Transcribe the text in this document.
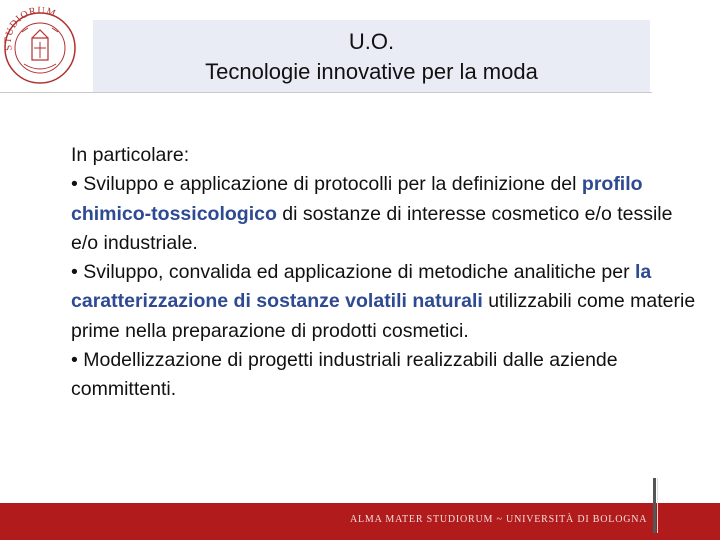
STUDIORUM
U.O.
Tecnologie innovative per la moda

In particolare:

• Sviluppo e applicazione di protocolli per la definizione del profilo chimico-tossicologico di sostanze di interesse cosmetico e/o tessile e/o industriale.

• Sviluppo, convalida ed applicazione di metodiche analitiche per la caratterizzazione di sostanze volatili naturali utilizzabili come materie prime nella preparazione di prodotti cosmetici.

• Modellizzazione di progetti industriali realizzabili dalle aziende committenti.

ALMA MATER STUDIORUM ~ UNIVERSITÀ DI BOLOGNA
